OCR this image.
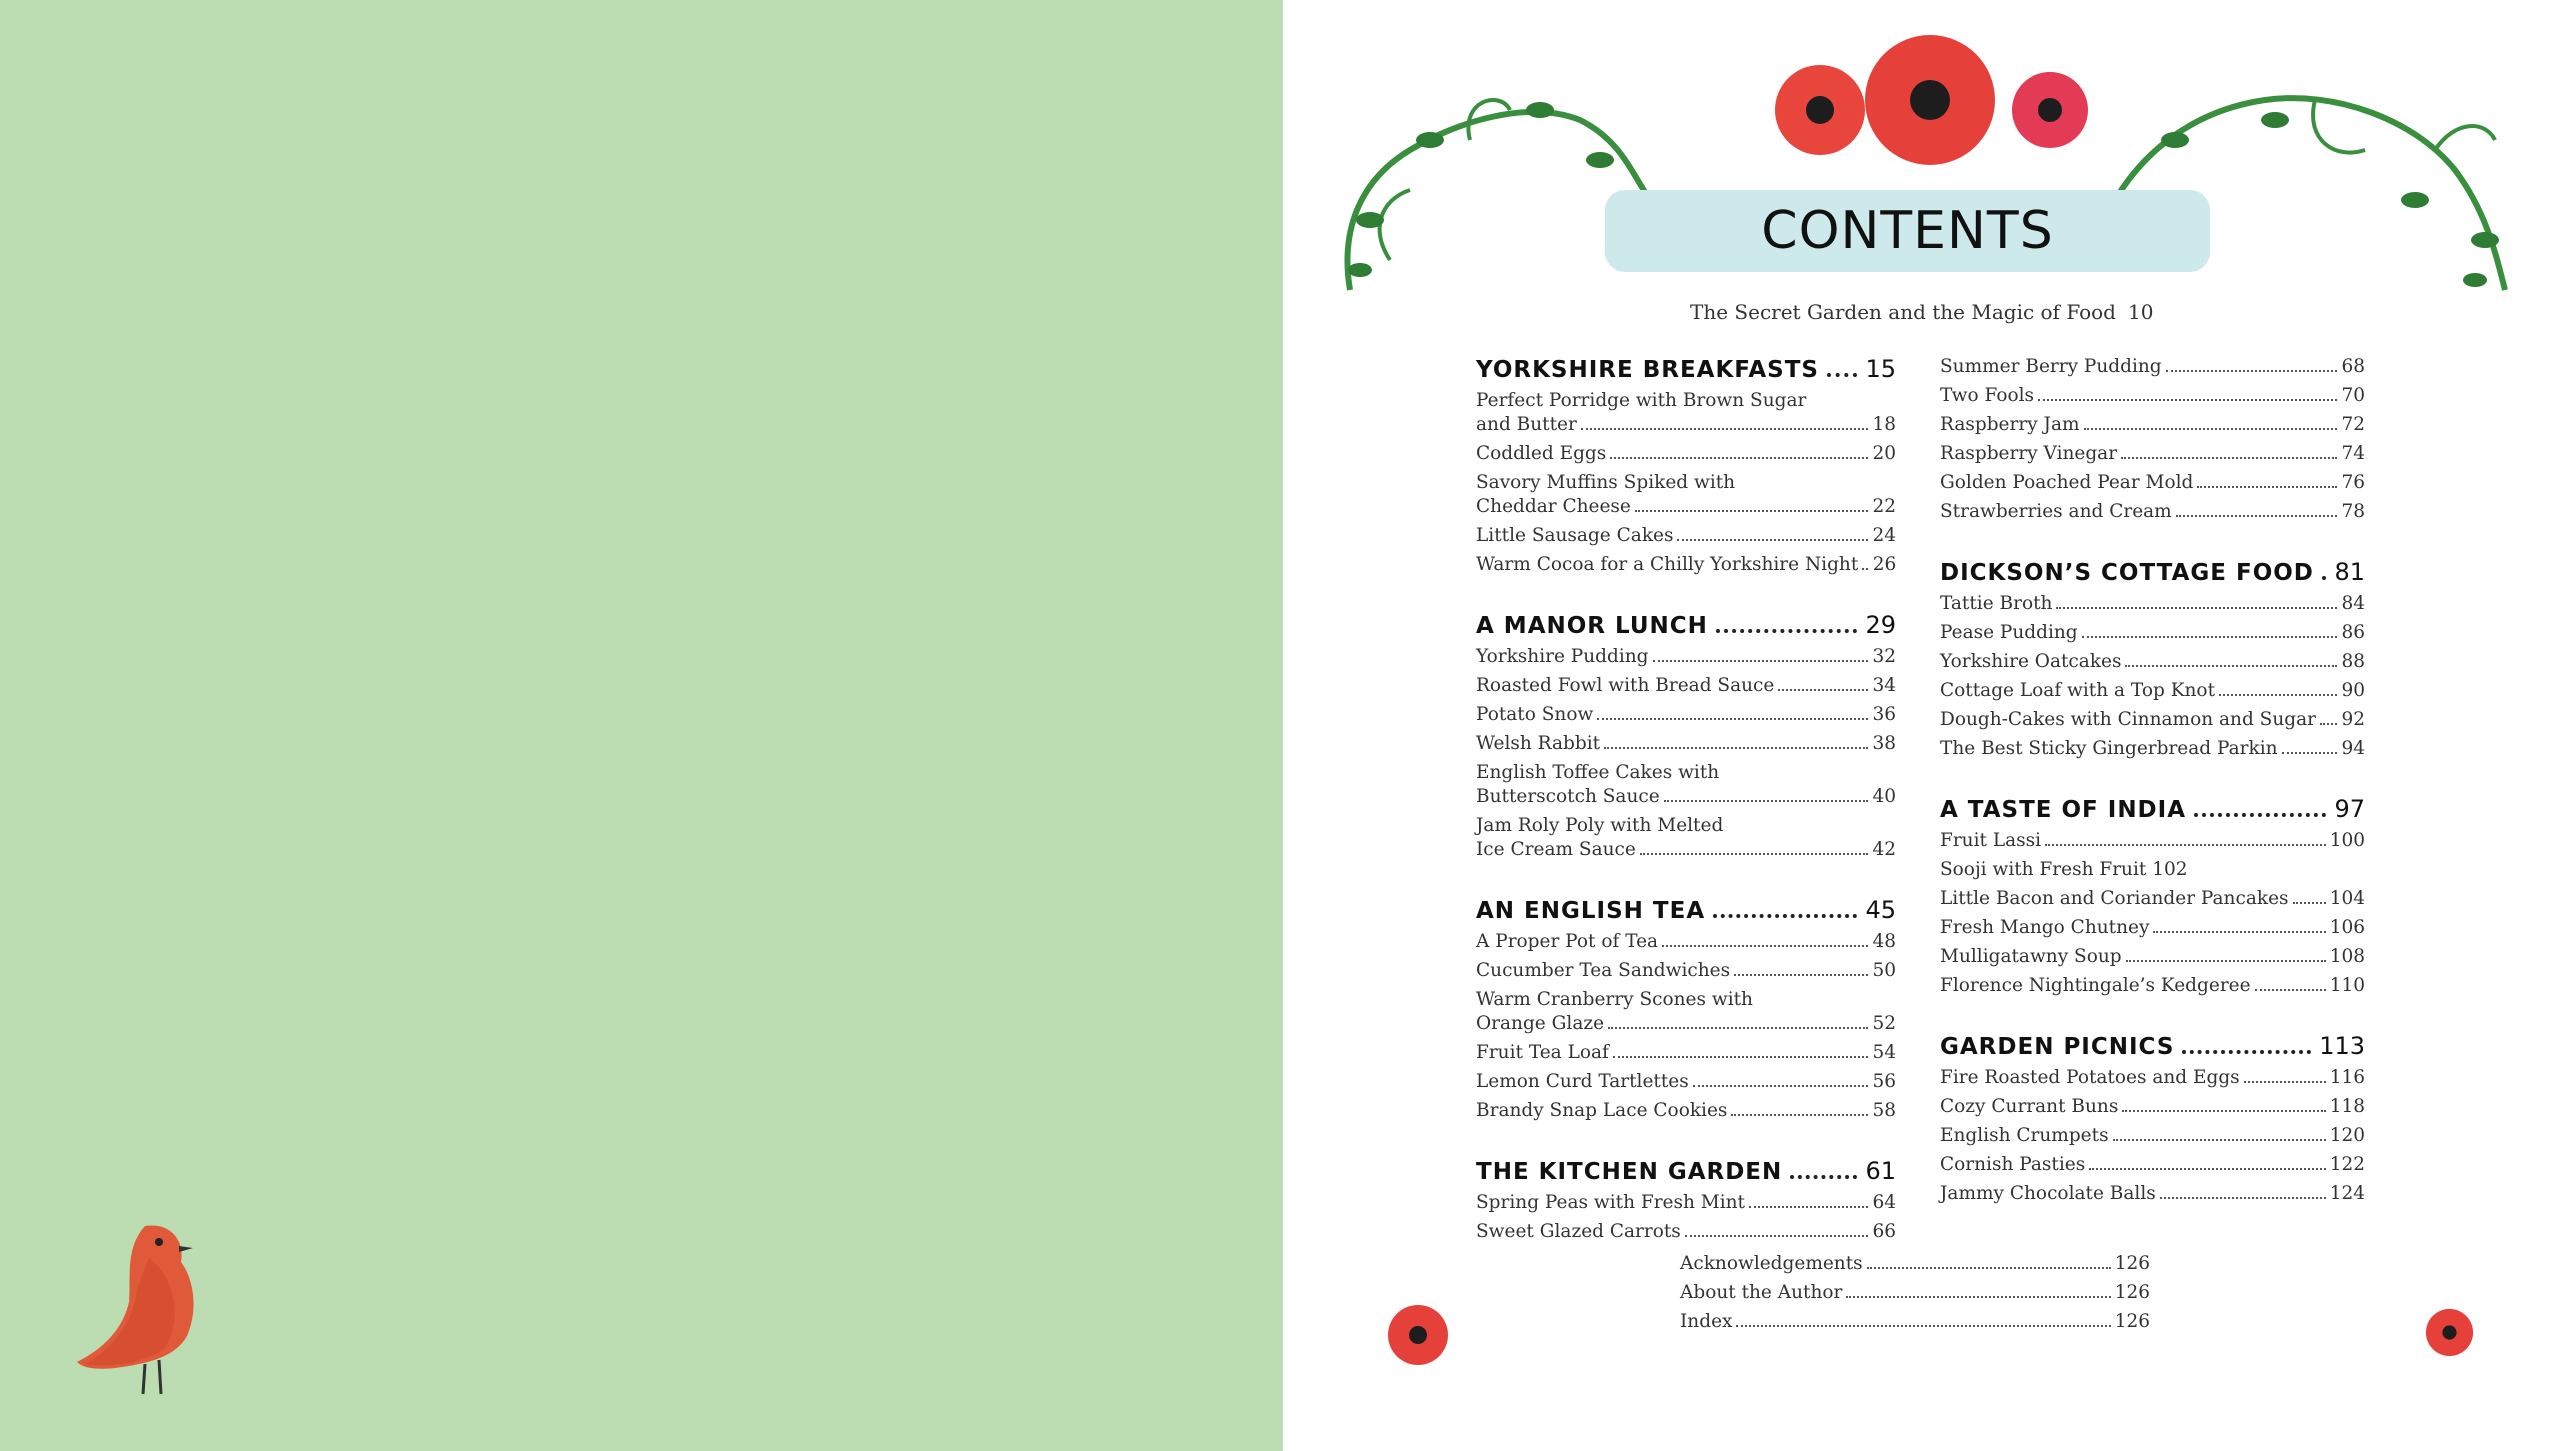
CONTENTS
The Secret Garden and the Magic of Food 10
YORKSHIRE BREAKFASTS 15
Perfect Porridge with Brown Sugar
and Butter	18
Coddled Eggs	20
Savory Muffins Spiked with
Cheddar Cheese	22
Little Sausage Cakes	24
Warm Cocoa for a Chilly Yorkshire Night 26
A MANOR LUNCH	29
Yorkshire Pudding	32
Roasted Fowl with Bread Sauce	34
Potato Snow	36
Welsh Rabbit	38
English Toffee Cakes with
Butterscotch Sauce	40
Jam Roly Poly with Melted
Ice Cream Sauce	42
AN ENGLISH TEA	45
A Proper Pot of Tea	48
Cucumber Tea Sandwiches	50
Warm Cranberry Scones with
Orange Glaze	52
Fruit Tea Loaf	54
Lemon Curd Tartlettes	56
Brandy Snap Lace Cookies	58
THE KITCHEN GARDEN	61
Spring Peas with Fresh Mint	64
Sweet Glazed Carrots	66
Summer Berry Pudding	68
Two Fools	70
Raspberry Jam	72
Raspberry Vinegar	74
Golden Poached Pear Mold	76
Strawberries and Cream	78
DICKSON’S COTTAGE FOOD 81
Tattie Broth	84
Pease Pudding	86
Yorkshire Oatcakes	88
Cottage Loaf with a Top Knot	90
Dough-Cakes with Cinnamon and Sugar 92
The Best Sticky Gingerbread Parkin	94
A TASTE OF INDIA	97
Fruit Lassi	100
Sooji with Fresh Fruit 102
Little Bacon and Coriander Pancakes 104
Fresh Mango Chutney	106
Mulligatawny Soup	108
Florence Nightingale’s Kedgeree	110
GARDEN PICNICS	113
Fire Roasted Potatoes and Eggs	116
Cozy Currant Buns	118
English Crumpets	120
Cornish Pasties	122
Jammy Chocolate Balls	124
Acknowledgements	126
About the Author	126
Index	126
